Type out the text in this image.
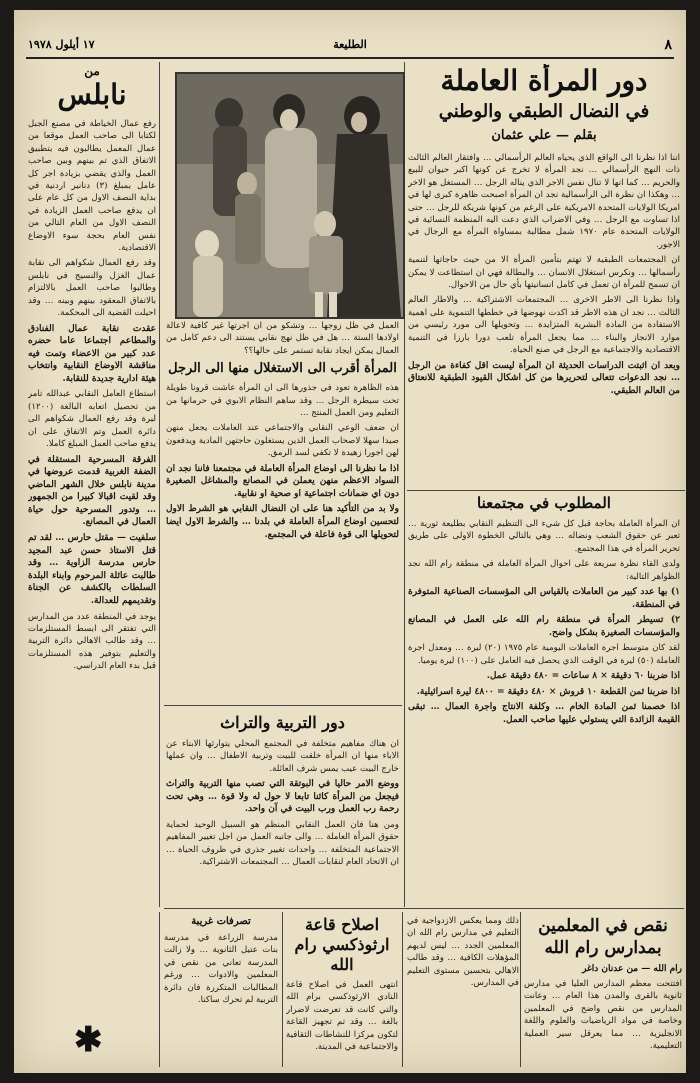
٨
الطليعة
١٧ أيلول ١٩٧٨
دور المرأة العاملة
في النضال الطبقي والوطني
بقلم — علي عثمان

اننا اذا نظرنا الى الواقع الذي يحياه العالم الرأسمالي … وافتقار العالم الثالث ذات النهج الرأسمالي … نجد المرأة لا تخرج عن كونها اكبر حيوان للبيع والحريم … كما انها لا تنال نفس الاجر الذي يناله الرجل … المستغل هو الاخر … وهكذا ان نظرة الى الرأسمالية نجد ان المرأة اصبحت ظاهرة كبرى لها في امريكا الولايات المتحدة الامريكية على الرغم من كونها شريكة للرجل … حتى اذا تساوت مع الرجل … وفي الاضراب الذي دعت اليه المنظمة النسائية في الولايات المتحدة عام ١٩٧٠ شمل مطالبة بمساواة المرأة مع الرجال في الاجور.

ان المجتمعات الطبقية لا تهتم بتأمين المرأة الا من حيث حاجاتها لتنمية رأسمالها … ونكرس استغلال الانسان … والبطالة فهي ان استطاعت لا يمكن ان تسمح للمرأة ان تعمل في كامل انسانيتها بأي حال من الاحوال.

واذا نظرنا الى الاطر الاخرى … المجتمعات الاشتراكية … والاطار العالم الثالث … نجد ان هذه الاطر قد اكدت نهوضها في خططها التنموية على اهمية الاستفادة من المادة البشرية المتزايدة … وتحويلها الى مورد رئيسي من موارد الانجاز والبناء … مما يجعل المرأة تلعب دورا بارزا في التنمية الاقتصادية والاجتماعية مع الرجل في صنع الحياة.

وبعد ان اثبتت الدراسات الحديثة ان المرأة ليست اقل كفاءة من الرجل … نجد الدعوات تتعالى لتحريرها من كل اشكال القيود الطبقية للانعتاق من العالم الطبقي.

المطلوب في مجتمعنا

ان المرأة العاملة بحاجة قبل كل شيء الى التنظيم النقابي بطليعة ثورية … تعبر عن حقوق الشعب ونضاله … وهي بالتالي الخطوة الاولى على طريق تحرير المرأة في هذا المجتمع.

ولدى القاء نظرة سريعة على احوال المرأة العاملة في منطقة رام الله نجد الظواهر التالية:

١) بها عدد كبير من العاملات بالقياس الى المؤسسات الصناعية المتوفرة في المنطقة.

٢) تسيطر المرأة في منطقة رام الله على العمل في المصانع والمؤسسات الصغيرة بشكل واضح.

لقد كان متوسط اجرة العاملات اليومية عام ١٩٧٥ (٢٠) ليرة … ومعدل اجرة العاملة (٥٠) ليرة في الوقت الذي يحصل فيه العامل على (١٠٠) ليرة يوميا.

اذا ضربنا ٦٠ دقيقة × ٨ ساعات = ٤٨٠ دقيقة عمل.

اذا ضربنا ثمن القطعة ١٠ قروش × ٤٨٠ دقيقة = ٤٨٠٠ ليرة اسرائيلية.

اذا خصمنا ثمن المادة الخام … وكلفة الانتاج واجرة العمال … تبقى القيمة الزائدة التي يستولي عليها صاحب العمل.

العمل في ظل زوجها … وتشكو من ان اجرتها غير كافية لاعالة اولادها الستة … هل في ظل نهج نقابي يستند الى دعم كامل من العمال يمكن ايجاد نقابة تستمر على حالها؟؟

المرأة أقرب الى الاستغلال منها الى الرجل

هذه الظاهرة تعود في جذورها الى ان المرأة عاشت قرونا طويلة تحت سيطرة الرجل … وقد ساهم النظام الابوي في حرمانها من التعليم ومن العمل المنتج …

ان ضعف الوعي النقابي والاجتماعي عند العاملات يجعل منهن صيدا سهلا لاصحاب العمل الذين يستغلون حاجتهن المادية ويدفعون لهن اجورا زهيدة لا تكفي لسد الرمق.

اذا ما نظرنا الى اوضاع المرأة العاملة في مجتمعنا فاننا نجد ان السواد الاعظم منهن يعملن في المصانع والمشاغل الصغيرة دون اي ضمانات اجتماعية او صحية او نقابية.

ولا بد من التأكيد هنا على ان النضال النقابي هو الشرط الاول لتحسين اوضاع المرأة العاملة في بلدنا … والشرط الاول ايضا لتحويلها الى قوة فاعلة في المجتمع.

دور التربية والتراث

ان هناك مفاهيم متخلفة في المجتمع المحلي يتوارثها الابناء عن الاباء منها ان المرأة خلقت للبيت وتربية الاطفال … وان عملها خارج البيت عيب يمس شرف العائلة.

ووضع الامر حاليا في البوتقة التي تصب منها التربية والتراث فيجعل من المرأة كائنا تابعا لا حول له ولا قوة … وهي تحت رحمة رب العمل ورب البيت في آن واحد.

ومن هنا فان العمل النقابي المنظم هو السبيل الوحيد لحماية حقوق المرأة العاملة … والى جانبه العمل من اجل تغيير المفاهيم الاجتماعية المتخلفة … واحداث تغيير جذري في ظروف الحياة … ان الاتحاد العام لنقابات العمال … المجتمعات الاشتراكية.

من
نابلس

رفع عمال الخياطة في مصنع الجبل لكتابا الى صاحب العمل موقعا من عمال المعمل يطالبون فيه بتطبيق الاتفاق الذي تم بينهم وبين صاحب العمل والذي يقضي بزيادة اجر كل عامل بمبلغ (٣) دنانير اردنية في بداية النصف الاول من كل عام على ان يدفع صاحب العمل الزيادة في النصف الاول من العام التالي من نفس العام بحجة سوء الاوضاع الاقتصادية.

وقد رفع العمال شكواهم الى نقابة عمال الغزل والنسيج في نابلس وطالبوا صاحب العمل بالالتزام بالاتفاق المعقود بينهم وبينه … وقد احيلت القضية الى المحكمة.

عقدت نقابة عمال الفنادق والمطاعم اجتماعا عاما حضره عدد كبير من الاعضاء وتمت فيه مناقشة الاوضاع النقابية وانتخاب هيئة ادارية جديدة للنقابة.

استطاع العامل النقابي عبدالله تامر من تحصيل اتعابه البالغة (١٢٠٠) ليرة وقد رفع العمال شكواهم الى دائرة العمل وتم الاتفاق على ان يدفع صاحب العمل المبلغ كاملا.

الفرقة المسرحية المستقلة في الضفة الغربية قدمت عروضها في مدينة نابلس خلال الشهر الماضي وقد لقيت اقبالا كبيرا من الجمهور … وتدور المسرحية حول حياة العمال في المصانع.

سلفيت — مقتل حارس … لقد تم قتل الاستاذ حسن عبد المجيد حارس مدرسة الزاوية … وقد طالبت عائلة المرحوم وابناء البلدة السلطات بالكشف عن الجناة وتقديمهم للعدالة.

يوجد في المنطقة عدد من المدارس التي تفتقر الى ابسط المستلزمات … وقد طالب الاهالي دائرة التربية والتعليم بتوفير هذه المستلزمات قبل بدء العام الدراسي.

تصرفات غريبة

مدرسة الزراعة في مدرسة بنات عتيل الثانوية … ولا زالت المدرسة تعاني من نقص في المعلمين والادوات … ورغم المطالبات المتكررة فان دائرة التربية لم تحرك ساكنا.

اصلاح قاعة ارثوذكسي رام الله

انتهى العمل في اصلاح قاعة النادي الارثوذكسي برام الله والتي كانت قد تعرضت لاضرار بالغة … وقد تم تجهيز القاعة لتكون مركزا للنشاطات الثقافية والاجتماعية في المدينة.

ذلك ومما يعكس الازدواجية في التعليم في مدارس رام الله ان المعلمين الجدد … ليس لديهم المؤهلات الكافية … وقد طالب الاهالي بتحسين مستوى التعليم في المدارس.

نقص في المعلمين بمدارس رام الله
رام الله — من عدنان داغر

افتتحت معظم المدارس العليا في مدارس ثانوية بالقرى والمدن هذا العام … وعانت المدارس من نقص واضح في المعلمين وخاصة في مواد الرياضيات والعلوم واللغة الانجليزية … مما يعرقل سير العملية التعليمية.

✱
